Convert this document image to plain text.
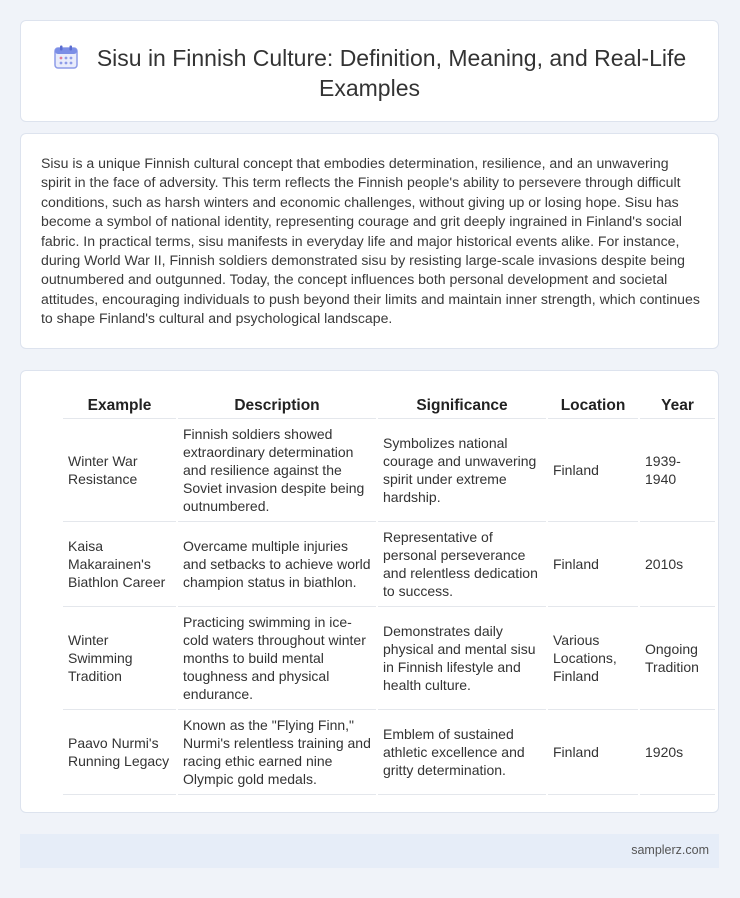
Sisu in Finnish Culture: Definition, Meaning, and Real-Life Examples

Sisu is a unique Finnish cultural concept that embodies determination, resilience, and an unwavering spirit in the face of adversity. This term reflects the Finnish people's ability to persevere through difficult conditions, such as harsh winters and economic challenges, without giving up or losing hope. Sisu has become a symbol of national identity, representing courage and grit deeply ingrained in Finland's social fabric. In practical terms, sisu manifests in everyday life and major historical events alike. For instance, during World War II, Finnish soldiers demonstrated sisu by resisting large-scale invasions despite being outnumbered and outgunned. Today, the concept influences both personal development and societal attitudes, encouraging individuals to push beyond their limits and maintain inner strength, which continues to shape Finland's cultural and psychological landscape.

Example	Description	Significance	Location	Year
Winter War Resistance	Finnish soldiers showed extraordinary determination and resilience against the Soviet invasion despite being outnumbered.	Symbolizes national courage and unwavering spirit under extreme hardship.	Finland	1939-1940
Kaisa Makarainen's Biathlon Career	Overcame multiple injuries and setbacks to achieve world champion status in biathlon.	Representative of personal perseverance and relentless dedication to success.	Finland	2010s
Winter Swimming Tradition	Practicing swimming in ice-cold waters throughout winter months to build mental toughness and physical endurance.	Demonstrates daily physical and mental sisu in Finnish lifestyle and health culture.	Various Locations, Finland	Ongoing Tradition
Paavo Nurmi's Running Legacy	Known as the "Flying Finn," Nurmi's relentless training and racing ethic earned nine Olympic gold medals.	Emblem of sustained athletic excellence and gritty determination.	Finland	1920s
samplerz.com
